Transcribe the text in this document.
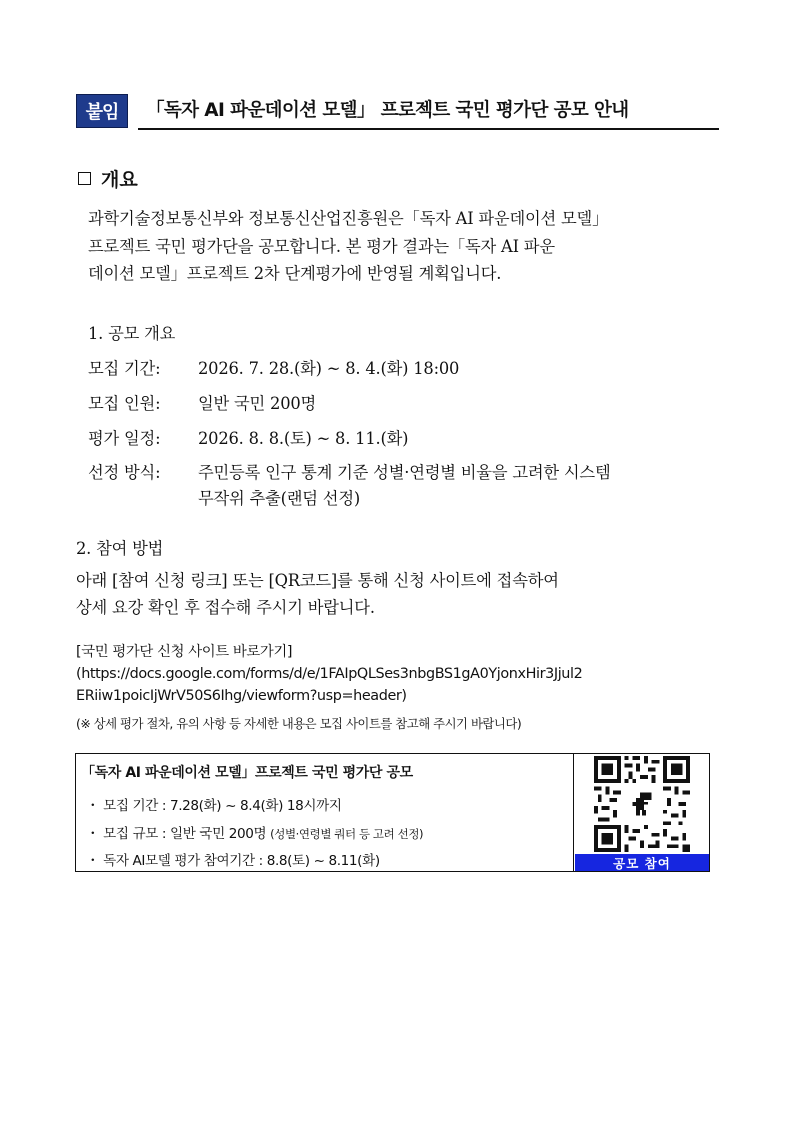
붙임	「독자 AI 파운데이션 모델」 프로젝트 국민 평가단 공모 안내
개요
과학기술정보통신부와 정보통신산업진흥원은「독자 AI 파운데이션 모델」
프로젝트 국민 평가단을 공모합니다. 본 평가 결과는「독자 AI 파운
데이션 모델」프로젝트 2차 단계평가에 반영될 계획입니다.
1. 공모 개요
모집 기간:	2026. 7. 28.(화) ~ 8. 4.(화) 18:00
모집 인원:	일반 국민 200명
평가 일정:	2026. 8. 8.(토) ~ 8. 11.(화)
선정 방식:	주민등록 인구 통계 기준 성별·연령별 비율을 고려한 시스템
무작위 추출(랜덤 선정)
2. 참여 방법
아래 [참여 신청 링크] 또는 [QR코드]를 통해 신청 사이트에 접속하여
상세 요강 확인 후 접수해 주시기 바랍니다.
[국민 평가단 신청 사이트 바로가기]
(https://docs.google.com/forms/d/e/1FAIpQLSes3nbgBS1gA0YjonxHir3Jjul2
ERiiw1poicIjWrV50S6Ihg/viewform?usp=header)
(※ 상세 평가 절차, 유의 사항 등 자세한 내용은 모집 사이트를 참고해 주시기 바랍니다)
「독자 AI 파운데이션 모델」프로젝트 국민 평가단 공모
・ 모집 기간 : 7.28(화) ~ 8.4(화) 18시까지
・ 모집 규모 : 일반 국민 200명 (성별·연령별 쿼터 등 고려 선정)
・ 독자 AI모델 평가 참여기간 : 8.8(토) ~ 8.11(화)	공모 참여
